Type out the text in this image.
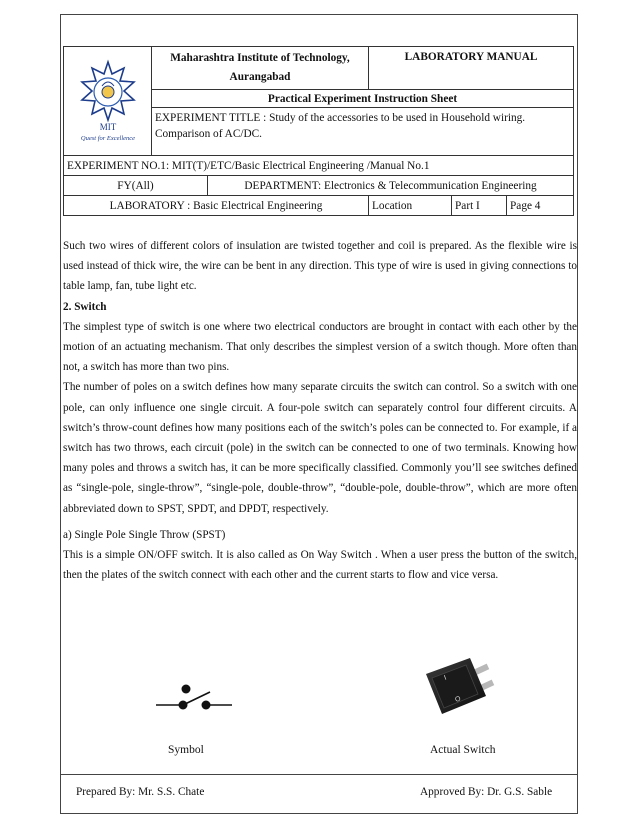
MIT
Quest for Excellence	Maharashtra Institute of Technology, Aurangabad		LABORATORY MANUAL		
	Practical Experiment Instruction Sheet				
	EXPERIMENT TITLE : Study of the accessories to be used in Household wiring. Comparison of AC/DC.				
EXPERIMENT NO.1: MIT(T)/ETC/Basic Electrical Engineering /Manual No.1					
FY(All)		DEPARTMENT: Electronics & Telecommunication Engineering			
LABORATORY : Basic Electrical Engineering			Location	Part I	Page 4

Such two wires of different colors of insulation are twisted together and coil is prepared. As the flexible wire is used instead of thick wire, the wire can be bent in any direction. This type of wire is used in giving connections to table lamp, fan, tube light etc.

2. Switch

The simplest type of switch is one where two electrical conductors are brought in contact with each other by the motion of an actuating mechanism. That only describes the simplest version of a switch though. More often than not, a switch has more than two pins.

The number of poles on a switch defines how many separate circuits the switch can control. So a switch with one pole, can only influence one single circuit. A four-pole switch can separately control four different circuits. A switch’s throw-count defines how many positions each of the switch’s poles can be connected to. For example, if a switch has two throws, each circuit (pole) in the switch can be connected to one of two terminals. Knowing how many poles and throws a switch has, it can be more specifically classified. Commonly you’ll see switches defined as “single-pole, single-throw”, “single-pole, double-throw”, “double-pole, double-throw”, which are more often abbreviated down to SPST, SPDT, and DPDT, respectively.

a) Single Pole Single Throw (SPST)

This is a simple ON/OFF switch. It is also called as On Way Switch . When a user press the button of the switch, then the plates of the switch connect with each other and the current starts to flow and vice versa.

I
O
Symbol	Actual Switch
Prepared By: Mr. S.S. Chate	Approved By: Dr. G.S. Sable
